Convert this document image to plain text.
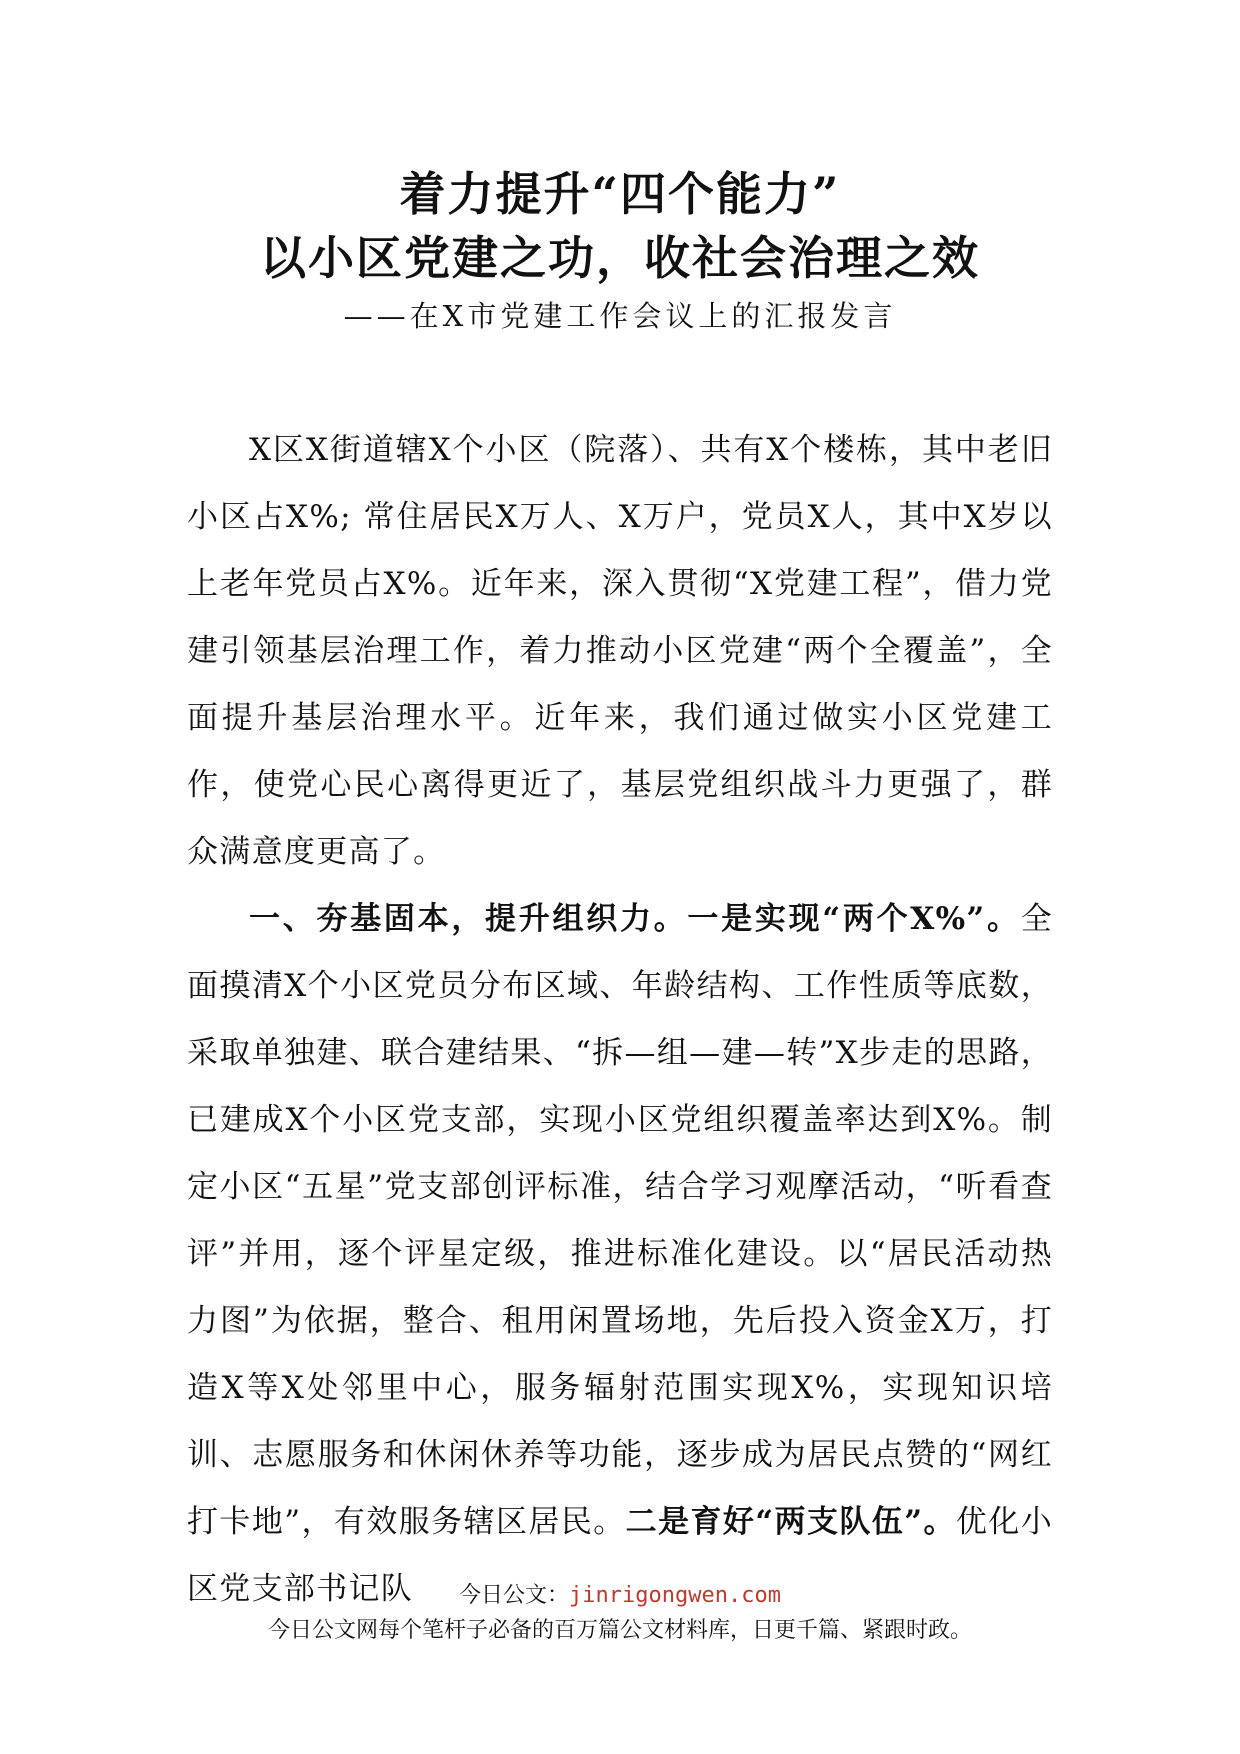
着力提升“四个能力”
以小区党建之功，收社会治理之效
——在X市党建工作会议上的汇报发言

X区X街道辖X个小区（院落）、共有X个楼栋，其中老旧小区占X%; 常住居民X万人、X万户，党员X人，其中X岁以上老年党员占X%。近年来，深入贯彻“X党建工程”，借力党建引领基层治理工作，着力推动小区党建“两个全覆盖”，全面提升基层治理水平。近年来，我们通过做实小区党建工作，使党心民心离得更近了，基层党组织战斗力更强了，群众满意度更高了。

一、夯基固本，提升组织力。一是实现“两个X%”。全面摸清X个小区党员分布区域、年龄结构、工作性质等底数，采取单独建、联合建结果、“拆—组—建—转”X步走的思路，已建成X个小区党支部，实现小区党组织覆盖率达到X%。制定小区“五星”党支部创评标准，结合学习观摩活动，“听看查评”并用，逐个评星定级，推进标准化建设。以“居民活动热力图”为依据，整合、租用闲置场地，先后投入资金X万，打造X等X处邻里中心，服务辐射范围实现X%，实现知识培训、志愿服务和休闲休养等功能，逐步成为居民点赞的“网红打卡地”，有效服务辖区居民。二是育好“两支队伍”。优化小区党支部书记队	今日公文：jinrigongwen.com
今日公文网每个笔杆子必备的百万篇公文材料库，日更千篇、紧跟时政。
